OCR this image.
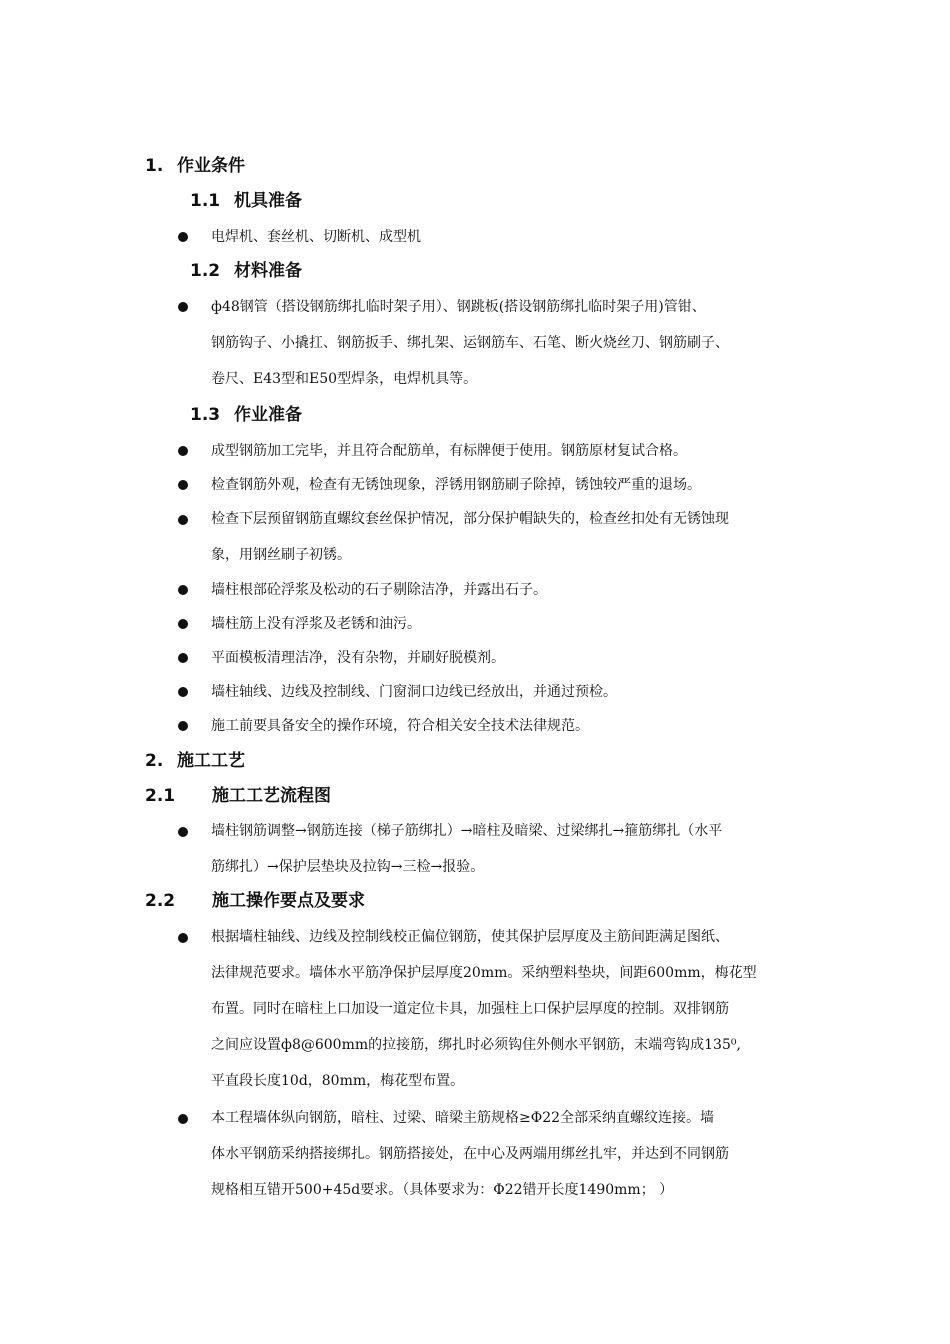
1. 作业条件
1.1 机具准备
电焊机、套丝机、切断机、成型机
1.2 材料准备
ф48钢管（搭设钢筋绑扎临时架子用）、钢跳板(搭设钢筋绑扎临时架子用)管钳、
钢筋钩子、小撬扛、钢筋扳手、绑扎架、运钢筋车、石笔、断火烧丝刀、钢筋刷子、
卷尺、E43型和E50型焊条，电焊机具等。
1.3 作业准备
成型钢筋加工完毕，并且符合配筋单，有标牌便于使用。钢筋原材复试合格。
检查钢筋外观，检查有无锈蚀现象，浮锈用钢筋刷子除掉，锈蚀较严重的退场。
检查下层预留钢筋直螺纹套丝保护情况，部分保护帽缺失的，检查丝扣处有无锈蚀现
象，用钢丝刷子初锈。
墙柱根部砼浮浆及松动的石子剔除洁净，并露出石子。
墙柱筋上没有浮浆及老锈和油污。
平面模板清理洁净，没有杂物，并刷好脱模剂。
墙柱轴线、边线及控制线、门窗洞口边线已经放出，并通过预检。
施工前要具备安全的操作环境，符合相关安全技术法律规范。
2. 施工工艺
2.1 施工工艺流程图
墙柱钢筋调整→钢筋连接（梯子筋绑扎）→暗柱及暗梁、过梁绑扎→箍筋绑扎（水平
筋绑扎）→保护层垫块及拉钩→三检→报验。
2.2 施工操作要点及要求
根据墙柱轴线、边线及控制线校正偏位钢筋，使其保护层厚度及主筋间距满足图纸、
法律规范要求。墙体水平筋净保护层厚度20mm。采纳塑料垫块，间距600mm，梅花型
布置。同时在暗柱上口加设一道定位卡具，加强柱上口保护层厚度的控制。双排钢筋
之间应设置ф8@600mm的拉接筋，绑扎时必须钩住外侧水平钢筋，末端弯钩成135⁰,
平直段长度10d，80mm，梅花型布置。
本工程墙体纵向钢筋，暗柱、过梁、暗梁主筋规格≥Φ22全部采纳直螺纹连接。墙
体水平钢筋采纳搭接绑扎。钢筋搭接处，在中心及两端用绑丝扎牢，并达到不同钢筋
规格相互错开500+45d要求。（具体要求为：Φ22错开长度1490mm； ）
